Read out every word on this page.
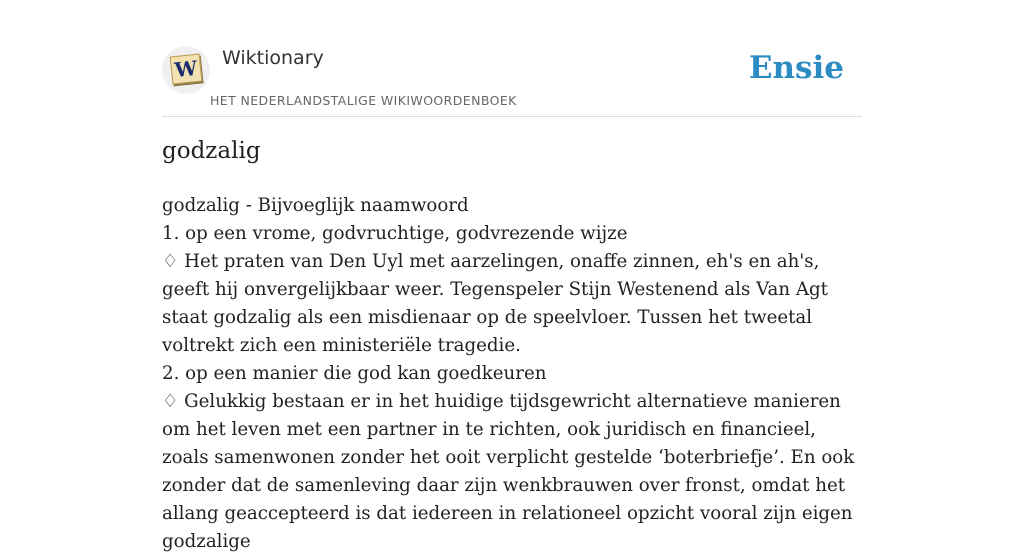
W Wiktionary
HET NEDERLANDSTALIGE WIKIWOORDENBOEK
Ensie
godzalig

godzalig - Bijvoeglijk naamwoord

1. op een vrome, godvruchtige, godvrezende wijze

♢ Het praten van Den Uyl met aarzelingen, onaffe zinnen, eh's en ah's, geeft hij onvergelijkbaar weer. Tegenspeler Stijn Westenend als Van Agt staat godzalig als een misdienaar op de speelvloer. Tussen het tweetal voltrekt zich een ministeriële tragedie.

2. op een manier die god kan goedkeuren

♢ Gelukkig bestaan er in het huidige tijdsgewricht alternatieve manieren om het leven met een partner in te richten, ook juridisch en financieel, zoals samenwonen zonder het ooit verplicht gestelde ‘boterbriefje’. En ook zonder dat de samenleving daar zijn wenkbrauwen over fronst, omdat het allang geaccepteerd is dat iedereen in relationeel opzicht vooral zijn eigen godzalige
